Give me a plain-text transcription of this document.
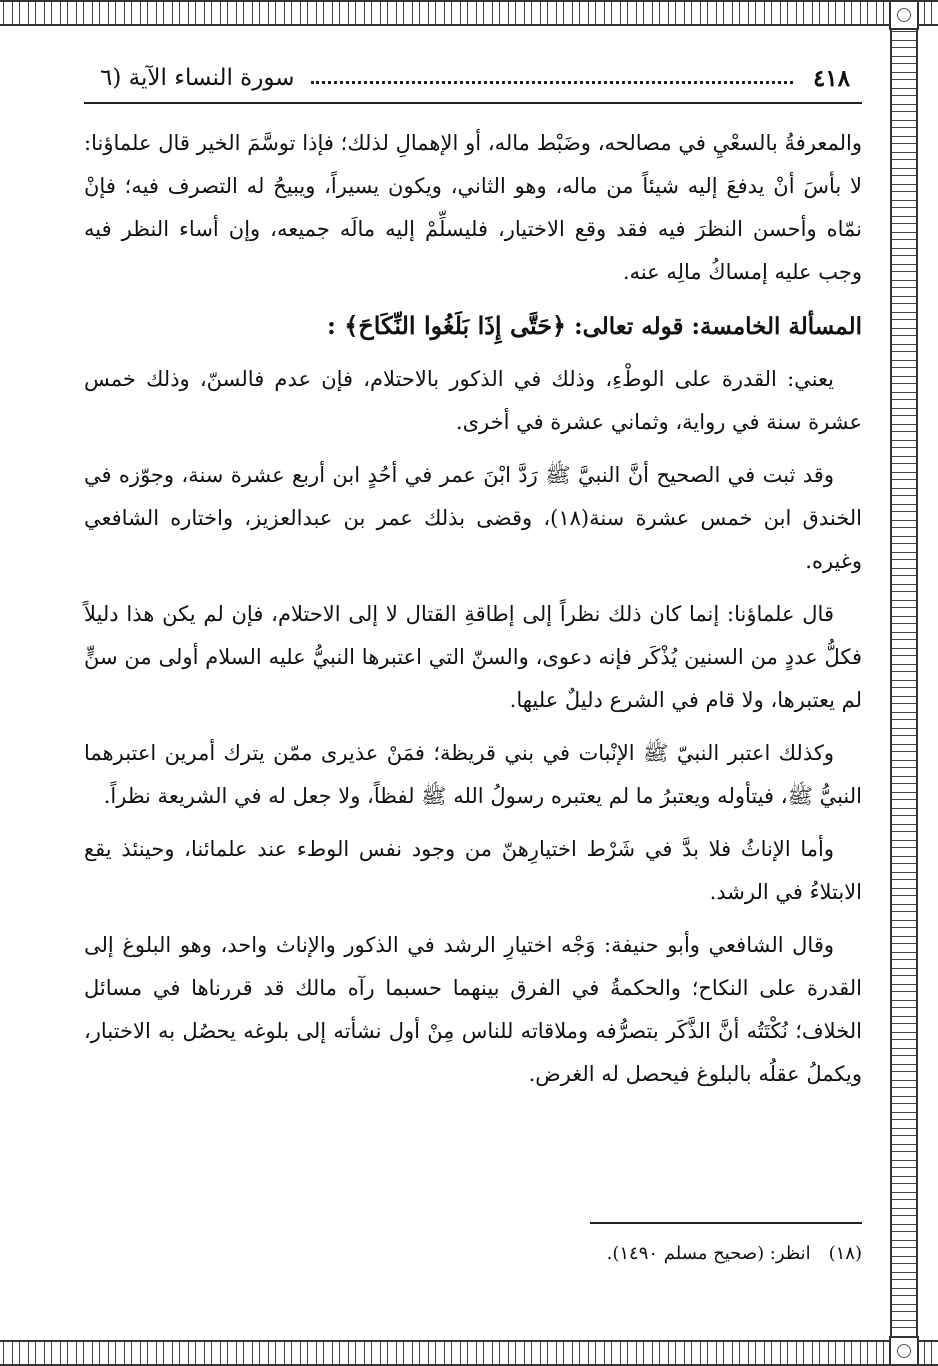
٤١٨
سورة النساء الآية (٦

والمعرفةُ بالسعْيِ في مصالحه، وضَبْط ماله، أو الإهمالِ لذلك؛ فإذا توسَّمَ الخير قال علماؤنا: لا بأسَ أنْ يدفعَ إليه شيئاً من ماله، وهو الثاني، ويكون يسيراً، ويبيحُ له التصرف فيه؛ فإنْ نمّاه وأحسن النظرَ فيه فقد وقع الاختيار، فليسلِّمْ إليه مالَه جميعه، وإن أساء النظر فيه وجب عليه إمساكُ مالِه عنه.

المسألة الخامسة: قوله تعالى: ﴿حَتَّى إِذَا بَلَغُوا النِّكَاحَ﴾ :

يعني: القدرة على الوطْءِ، وذلك في الذكور بالاحتلام، فإن عدم فالسنّ، وذلك خمس عشرة سنة في رواية، وثماني عشرة في أخرى.

وقد ثبت في الصحيح أنَّ النبيَّ ﷺ رَدَّ ابْنَ عمر في أحُدٍ ابن أربع عشرة سنة، وجوّزه في الخندق ابن خمس عشرة سنة(١٨)، وقضى بذلك عمر بن عبدالعزيز، واختاره الشافعي وغيره.

قال علماؤنا: إنما كان ذلك نظراً إلى إطاقةِ القتال لا إلى الاحتلام، فإن لم يكن هذا دليلاً فكلُّ عددٍ من السنين يُذْكَر فإنه دعوى، والسنّ التي اعتبرها النبيُّ عليه السلام أولى من سنٍّ لم يعتبرها، ولا قام في الشرع دليلٌ عليها.

وكذلك اعتبر النبيّ ﷺ الإنْبات في بني قريظة؛ فمَنْ عذيرى ممّن يترك أمرين اعتبرهما النبيُّ ﷺ، فيتأوله ويعتبرُ ما لم يعتبره رسولُ الله ﷺ لفظاً، ولا جعل له في الشريعة نظراً.

وأما الإناثُ فلا بدَّ في شَرْط اختيارِهنّ من وجود نفس الوطء عند علمائنا، وحينئذ يقع الابتلاءُ في الرشد.

وقال الشافعي وأبو حنيفة: وَجْه اختيارِ الرشد في الذكور والإناث واحد، وهو البلوغ إلى القدرة على النكاح؛ والحكمةُ في الفرق بينهما حسبما رآه مالك قد قررناها في مسائل الخلاف؛ نُكْتَتُه أنَّ الذَّكَر بتصرُّفه وملاقاته للناس مِنْ أول نشأته إلى بلوغه يحصُل به الاختبار، ويكملُ عقلُه بالبلوغ فيحصل له الغرض.

(١٨)
انظر: (صحيح مسلم ١٤٩٠).
